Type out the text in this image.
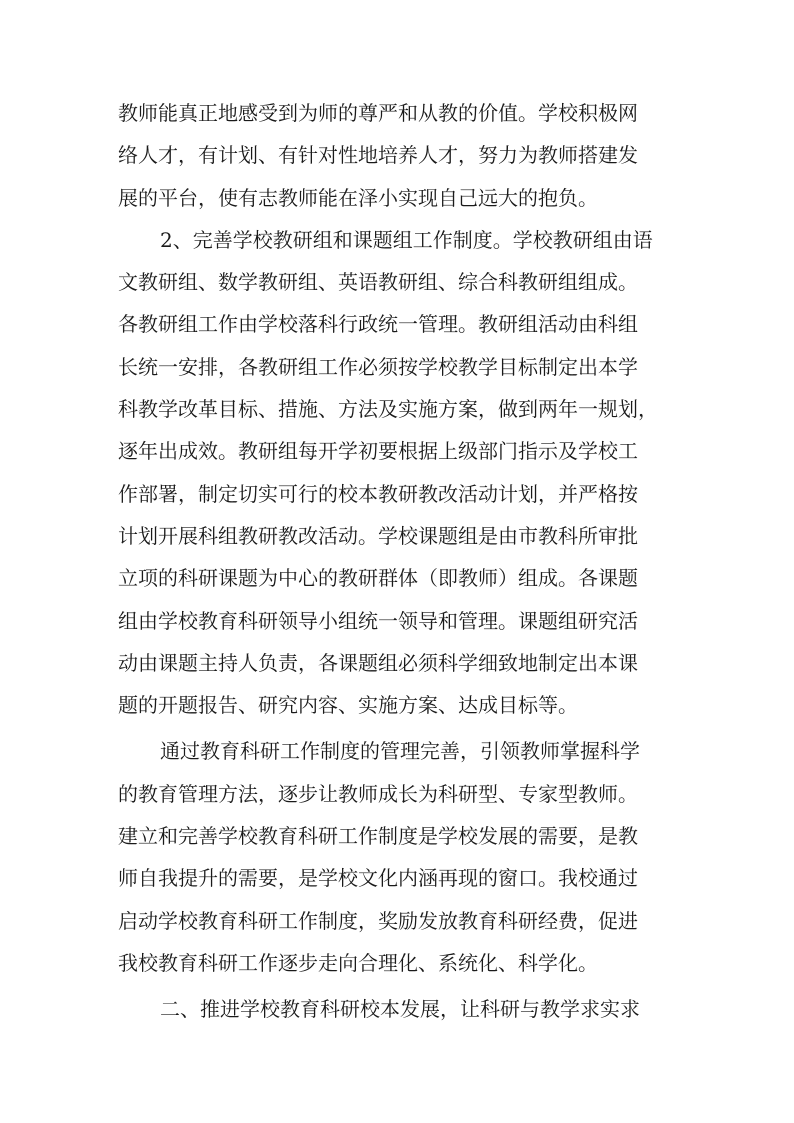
教师能真正地感受到为师的尊严和从教的价值。学校积极网
络人才，有计划、有针对性地培养人才，努力为教师搭建发
展的平台，使有志教师能在泽小实现自己远大的抱负。
2、完善学校教研组和课题组工作制度。学校教研组由语
文教研组、数学教研组、英语教研组、综合科教研组组成。
各教研组工作由学校落科行政统一管理。教研组活动由科组
长统一安排，各教研组工作必须按学校教学目标制定出本学
科教学改革目标、措施、方法及实施方案，做到两年一规划，
逐年出成效。教研组每开学初要根据上级部门指示及学校工
作部署，制定切实可行的校本教研教改活动计划，并严格按
计划开展科组教研教改活动。学校课题组是由市教科所审批
立项的科研课题为中心的教研群体（即教师）组成。各课题
组由学校教育科研领导小组统一领导和管理。课题组研究活
动由课题主持人负责，各课题组必须科学细致地制定出本课
题的开题报告、研究内容、实施方案、达成目标等。
通过教育科研工作制度的管理完善，引领教师掌握科学
的教育管理方法，逐步让教师成长为科研型、专家型教师。
建立和完善学校教育科研工作制度是学校发展的需要，是教
师自我提升的需要，是学校文化内涵再现的窗口。我校通过
启动学校教育科研工作制度，奖励发放教育科研经费，促进
我校教育科研工作逐步走向合理化、系统化、科学化。
二、推进学校教育科研校本发展，让科研与教学求实求
